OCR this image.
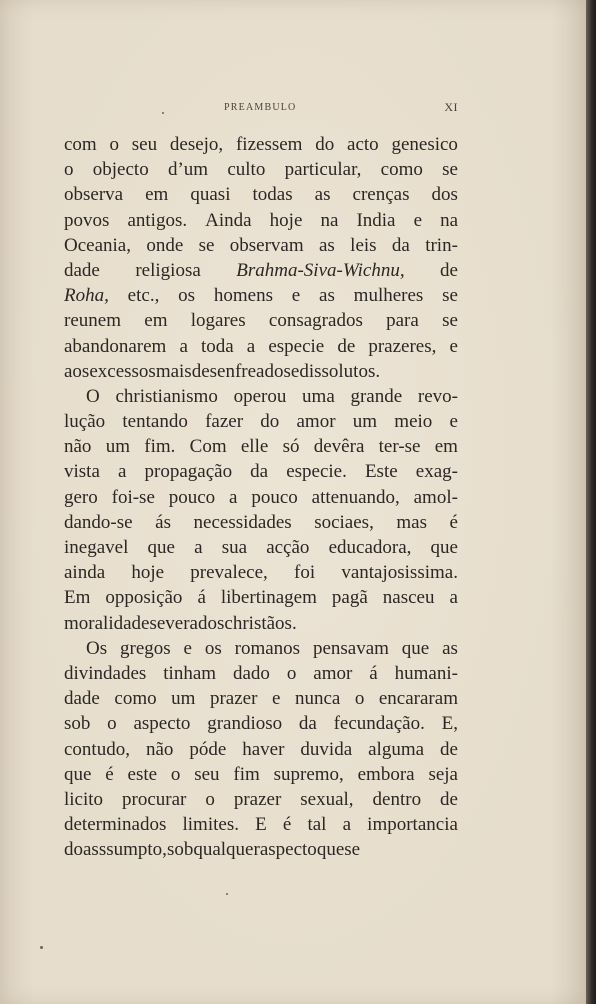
PREAMBULO	XI
com o seu desejo, fizessem do acto genesico
o objecto d’um culto particular, como se
observa em quasi todas as crenças dos
povos antigos. Ainda hoje na India e na
Oceania, onde se observam as leis da trin-
dade religiosa Brahma-Siva-Wichnu, de
Roha, etc., os homens e as mulheres se
reunem em logares consagrados para se
abandonarem a toda a especie de prazeres, e
aos excessos mais desenfreados e dissolutos.
O christianismo operou uma grande revo-
lução tentando fazer do amor um meio e
não um fim. Com elle só devêra ter-se em
vista a propagação da especie. Este exag-
gero foi-se pouco a pouco attenuando, amol-
dando-se ás necessidades sociaes, mas é
inegavel que a sua acção educadora, que
ainda hoje prevalece, foi vantajosissima.
Em opposição á libertinagem pagã nasceu a
moralidade severa dos christãos.
Os gregos e os romanos pensavam que as
divindades tinham dado o amor á humani-
dade como um prazer e nunca o encararam
sob o aspecto grandioso da fecundação. E,
contudo, não póde haver duvida alguma de
que é este o seu fim supremo, embora seja
licito procurar o prazer sexual, dentro de
determinados limites. E é tal a importancia
do asssumpto, sob qualquer aspecto que se
